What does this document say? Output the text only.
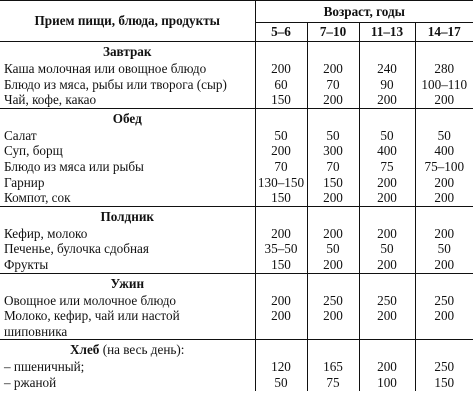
Прием пищи, блюда, продукты	Возраст, годы			
	5–6	7–10	11–13	14–17
Завтрак				
Каша молочная или овощное блюдо	200	200	240	280
Блюдо из мяса, рыбы или творога (сыр)	60	70	90	100–110
Чай, кофе, какао	150	200	200	200
Обед				
Салат	50	50	50	50
Суп, борщ	200	300	400	400
Блюдо из мяса или рыбы	70	70	75	75–100
Гарнир	130–150	150	200	200
Компот, сок	150	200	200	200
Полдник				
Кефир, молоко	200	200	200	200
Печенье, булочка сдобная	35–50	50	50	50
Фрукты	150	200	200	200
Ужин				
Овощное или молочное блюдо	200	250	250	250
Молоко, кефир, чай или настой	200	200	200	200
шиповника				
Хлеб (на весь день):				
– пшеничный;	120	165	200	250
– ржаной	50	75	100	150
